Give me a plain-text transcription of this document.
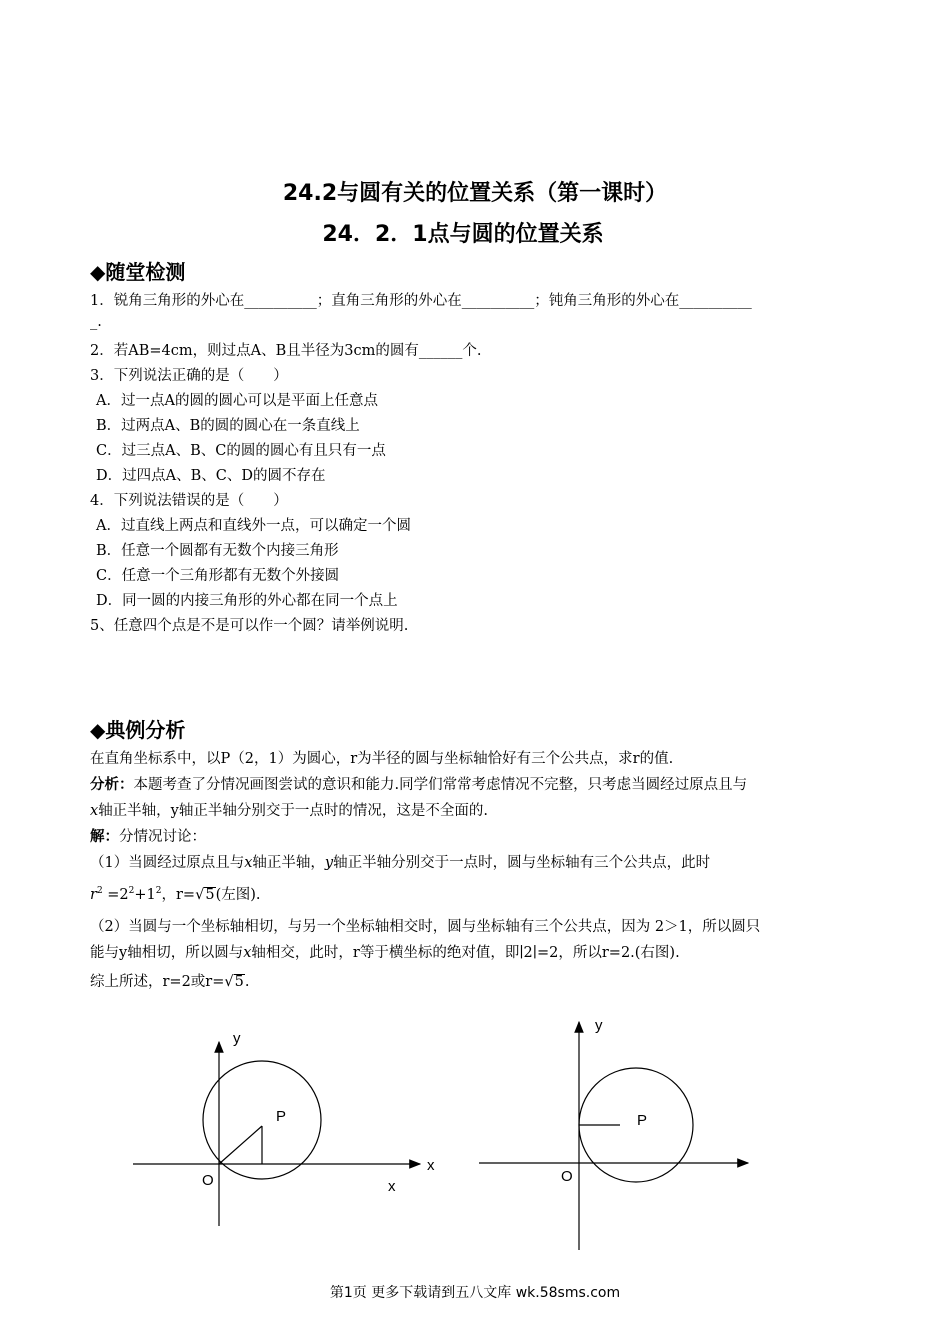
24.2与圆有关的位置关系（第一课时）
24．2．1点与圆的位置关系
◆随堂检测
1．锐角三角形的外心在__________；直角三角形的外心在__________；钝角三角形的外心在__________
_.
2．若AB=4cm，则过点A、B且半径为3cm的圆有______个.
3．下列说法正确的是（　　）
A．过一点A的圆的圆心可以是平面上任意点
B．过两点A、B的圆的圆心在一条直线上
C．过三点A、B、C的圆的圆心有且只有一点
D．过四点A、B、C、D的圆不存在
4．下列说法错误的是（　　）
A．过直线上两点和直线外一点，可以确定一个圆
B．任意一个圆都有无数个内接三角形
C．任意一个三角形都有无数个外接圆
D．同一圆的内接三角形的外心都在同一个点上
5、任意四个点是不是可以作一个圆？请举例说明.
◆典例分析
在直角坐标系中，以P（2，1）为圆心，r为半径的圆与坐标轴恰好有三个公共点，求r的值.
分析：本题考查了分情况画图尝试的意识和能力.同学们常常考虑情况不完整，只考虑当圆经过原点且与
x轴正半轴，y轴正半轴分别交于一点时的情况，这是不全面的.
解：分情况讨论：
（1）当圆经过原点且与x轴正半轴，y轴正半轴分别交于一点时，圆与坐标轴有三个公共点，此时
$r^2 =2^2+1^2$，r=√5(左图).
（2）当圆与一个坐标轴相切，与另一个坐标轴相交时，圆与坐标轴有三个公共点，因为 2＞1，所以圆只
能与y轴相切，所以圆与x轴相交，此时，r等于横坐标的绝对值，即∣2∣=2，所以r=2.(右图).
综上所述，r=2或r=√5.
y
P
O
x
x
y
P
O
第1页 更多下载请到五八文库 wk.58sms.com
